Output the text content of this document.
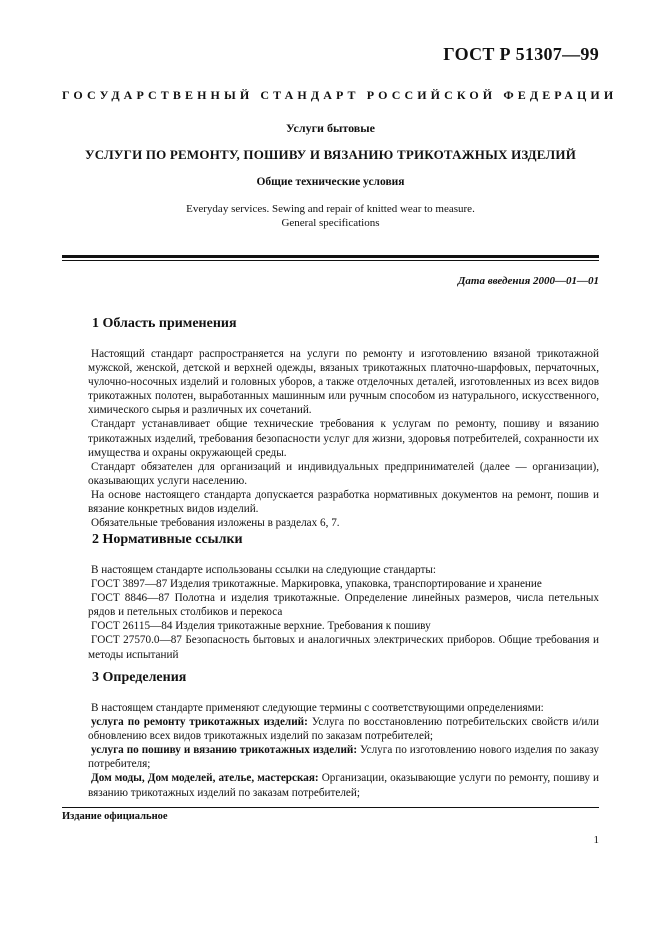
ГОСТ Р 51307—99
ГОСУДАРСТВЕННЫЙ СТАНДАРТ РОССИЙСКОЙ ФЕДЕРАЦИИ
Услуги бытовые
УСЛУГИ ПО РЕМОНТУ, ПОШИВУ И ВЯЗАНИЮ ТРИКОТАЖНЫХ ИЗДЕЛИЙ
Общие технические условия
Everyday services. Sewing and repair of knitted wear to measure.
General specifications
Дата введения 2000—01—01
1 Область применения

Настоящий стандарт распространяется на услуги по ремонту и изготовлению вязаной трикотажной мужской, женской, детской и верхней одежды, вязаных трикотажных платочно-шарфовых, перчаточных, чулочно-носочных изделий и головных уборов, а также отделочных деталей, изготовленных из всех видов трикотажных полотен, выработанных машинным или ручным способом из натурального, искусственного, химического сырья и различных их сочетаний.

Стандарт устанавливает общие технические требования к услугам по ремонту, пошиву и вязанию трикотажных изделий, требования безопасности услуг для жизни, здоровья потребителей, сохранности их имущества и охраны окружающей среды.

Стандарт обязателен для организаций и индивидуальных предпринимателей (далее — организации), оказывающих услуги населению.

На основе настоящего стандарта допускается разработка нормативных документов на ремонт, пошив и вязание конкретных видов изделий.

Обязательные требования изложены в разделах 6, 7.

2 Нормативные ссылки

В настоящем стандарте использованы ссылки на следующие стандарты:

ГОСТ 3897—87 Изделия трикотажные. Маркировка, упаковка, транспортирование и хранение

ГОСТ 8846—87 Полотна и изделия трикотажные. Определение линейных размеров, числа петельных рядов и петельных столбиков и перекоса

ГОСТ 26115—84 Изделия трикотажные верхние. Требования к пошиву

ГОСТ 27570.0—87 Безопасность бытовых и аналогичных электрических приборов. Общие требования и методы испытаний

3 Определения

В настоящем стандарте применяют следующие термины с соответствующими определениями:

услуга по ремонту трикотажных изделий: Услуга по восстановлению потребительских свойств и/или обновлению всех видов трикотажных изделий по заказам потребителей;

услуга по пошиву и вязанию трикотажных изделий: Услуга по изготовлению нового изделия по заказу потребителя;

Дом моды, Дом моделей, ателье, мастерская: Организации, оказывающие услуги по ремонту, пошиву и вязанию трикотажных изделий по заказам потребителей;

Издание официальное
1
